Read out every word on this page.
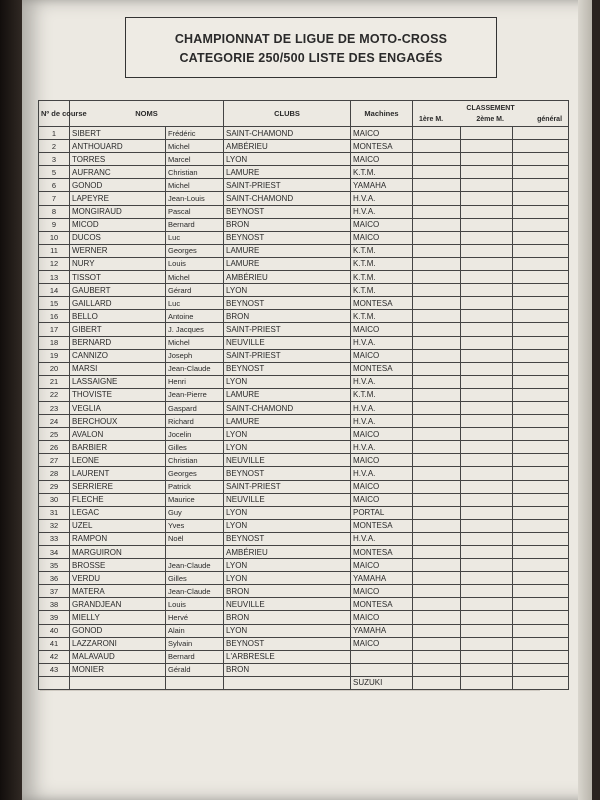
CHAMPIONNAT DE LIGUE DE MOTO-CROSS
CATEGORIE 250/500 LISTE DES ENGAGÉS
Nº de course	NOMS		CLUBS	Machines	CLASSEMENT
1ère M. 2ème M. général		

1	SIBERT	Frédéric	SAINT-CHAMOND	MAICO			
2	ANTHOUARD	Michel	AMBÉRIEU	MONTESA			
3	TORRES	Marcel	LYON	MAICO			
5	AUFRANC	Christian	LAMURE	K.T.M.			
6	GONOD	Michel	SAINT-PRIEST	YAMAHA			
7	LAPEYRE	Jean-Louis	SAINT-CHAMOND	H.V.A.			
8	MONGIRAUD	Pascal	BEYNOST	H.V.A.			
9	MICOD	Bernard	BRON	MAICO			
10	DUCOS	Luc	BEYNOST	MAICO			
11	WERNER	Georges	LAMURE	K.T.M.			
12	NURY	Louis	LAMURE	K.T.M.			
13	TISSOT	Michel	AMBÉRIEU	K.T.M.			
14	GAUBERT	Gérard	LYON	K.T.M.			
15	GAILLARD	Luc	BEYNOST	MONTESA			
16	BELLO	Antoine	BRON	K.T.M.			
17	GIBERT	J. Jacques	SAINT-PRIEST	MAICO			
18	BERNARD	Michel	NEUVILLE	H.V.A.			
19	CANNIZO	Joseph	SAINT-PRIEST	MAICO			
20	MARSI	Jean-Claude	BEYNOST	MONTESA			
21	LASSAIGNE	Henri	LYON	H.V.A.			
22	THOVISTE	Jean-Pierre	LAMURE	K.T.M.			
23	VEGLIA	Gaspard	SAINT-CHAMOND	H.V.A.			
24	BERCHOUX	Richard	LAMURE	H.V.A.			
25	AVALON	Jocelin	LYON	MAICO			
26	BARBIER	Gilles	LYON	H.V.A.			
27	LEONE	Christian	NEUVILLE	MAICO			
28	LAURENT	Georges	BEYNOST	H.V.A.			
29	SERRIERE	Patrick	SAINT-PRIEST	MAICO			
30	FLECHE	Maurice	NEUVILLE	MAICO			
31	LEGAC	Guy	LYON	PORTAL			
32	UZEL	Yves	LYON	MONTESA			
33	RAMPON	Noël	BEYNOST	H.V.A.			
34	MARGUIRON		AMBÉRIEU	MONTESA			
35	BROSSE	Jean-Claude	LYON	MAICO			
36	VERDU	Gilles	LYON	YAMAHA			
37	MATERA	Jean-Claude	BRON	MAICO			
38	GRANDJEAN	Louis	NEUVILLE	MONTESA			
39	MIELLY	Hervé	BRON	MAICO			
40	GONOD	Alain	LYON	YAMAHA			
41	LAZZARONI	Sylvain	BEYNOST	MAICO			
42	MALAVAUD	Bernard	L'ARBRESLE				
43	MONIER	Gérald	BRON				
				SUZUKI			
